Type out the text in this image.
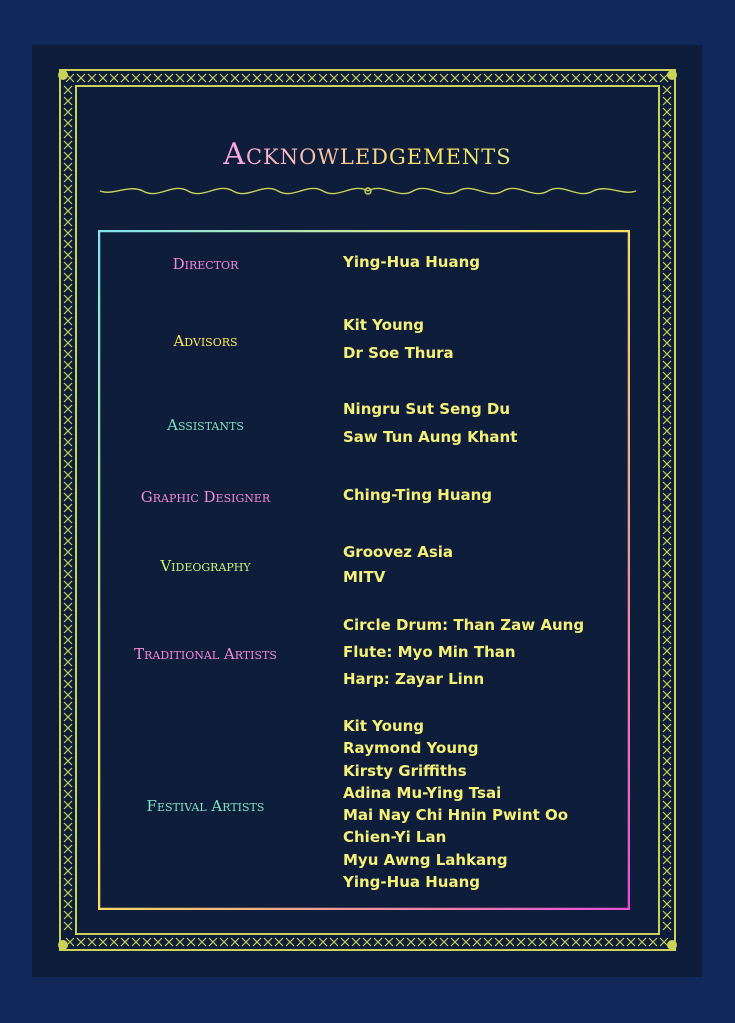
Acknowledgements
Director	Ying-Hua Huang
Advisors
Kit Young
Dr Soe Thura
Assistants
Ningru Sut Seng Du
Saw Tun Aung Khant
Graphic Designer	Ching-Ting Huang
Videography
Groovez Asia
MITV
Traditional Artists
Circle Drum: Than Zaw Aung
Flute: Myo Min Than
Harp: Zayar Linn
Festival Artists
Kit Young
Raymond Young
Kirsty Griffiths
Adina Mu-Ying Tsai
Mai Nay Chi Hnin Pwint Oo
Chien-Yi Lan
Myu Awng Lahkang
Ying-Hua Huang
